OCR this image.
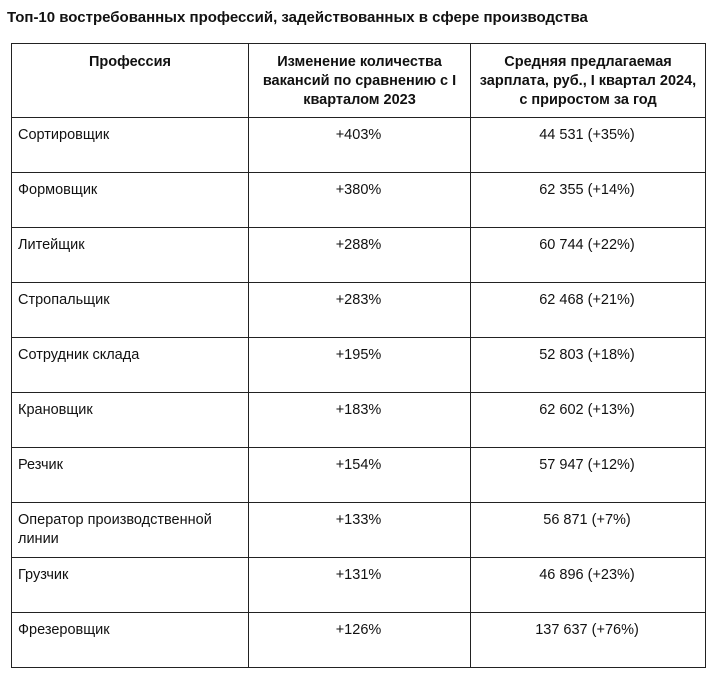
Топ-10 востребованных профессий, задействованных в сфере производства
Профессия	Изменение количества вакансий по сравнению с I кварталом 2023	Средняя предлагаемая зарплата, руб., I квартал 2024, с приростом за год
Сортировщик	+403%	44 531 (+35%)
Формовщик	+380%	62 355 (+14%)
Литейщик	+288%	60 744 (+22%)
Стропальщик	+283%	62 468 (+21%)
Сотрудник склада	+195%	52 803 (+18%)
Крановщик	+183%	62 602 (+13%)
Резчик	+154%	57 947 (+12%)
Оператор производственной линии	+133%	56 871 (+7%)
Грузчик	+131%	46 896 (+23%)
Фрезеровщик	+126%	137 637 (+76%)
